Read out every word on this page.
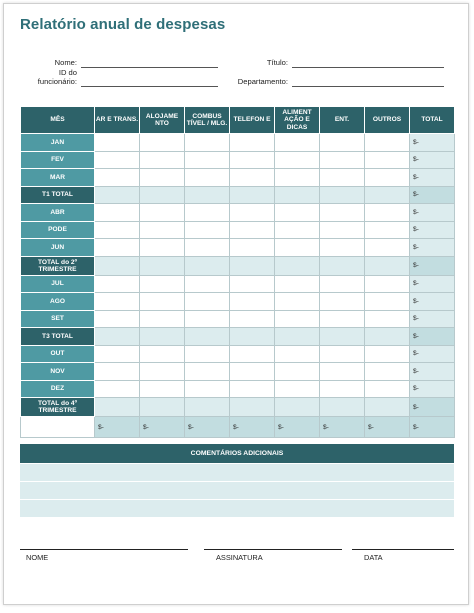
Relatório anual de despesas
Nome:
ID do
funcionário:
Título:
Departamento:
MÊS	AR E TRANS.	ALOJAME NTO	COMBUS TÍVEL / MLG.	TELEFON E	ALIMENT AÇÃO E DICAS	ENT.	OUTROS	TOTAL
JAN								$-
FEV								$-
MAR								$-
T1 TOTAL								$-
ABR								$-
PODE								$-
JUN								$-
TOTAL do 2º TRIMESTRE								$-
JUL								$-
AGO								$-
SET								$-
T3 TOTAL								$-
OUT								$-
NOV								$-
DEZ								$-
TOTAL do 4º TRIMESTRE								$-
	$-	$-	$-	$-	$-	$-	$-	$-
COMENTÁRIOS ADICIONAIS
NOME	ASSINATURA	DATA
